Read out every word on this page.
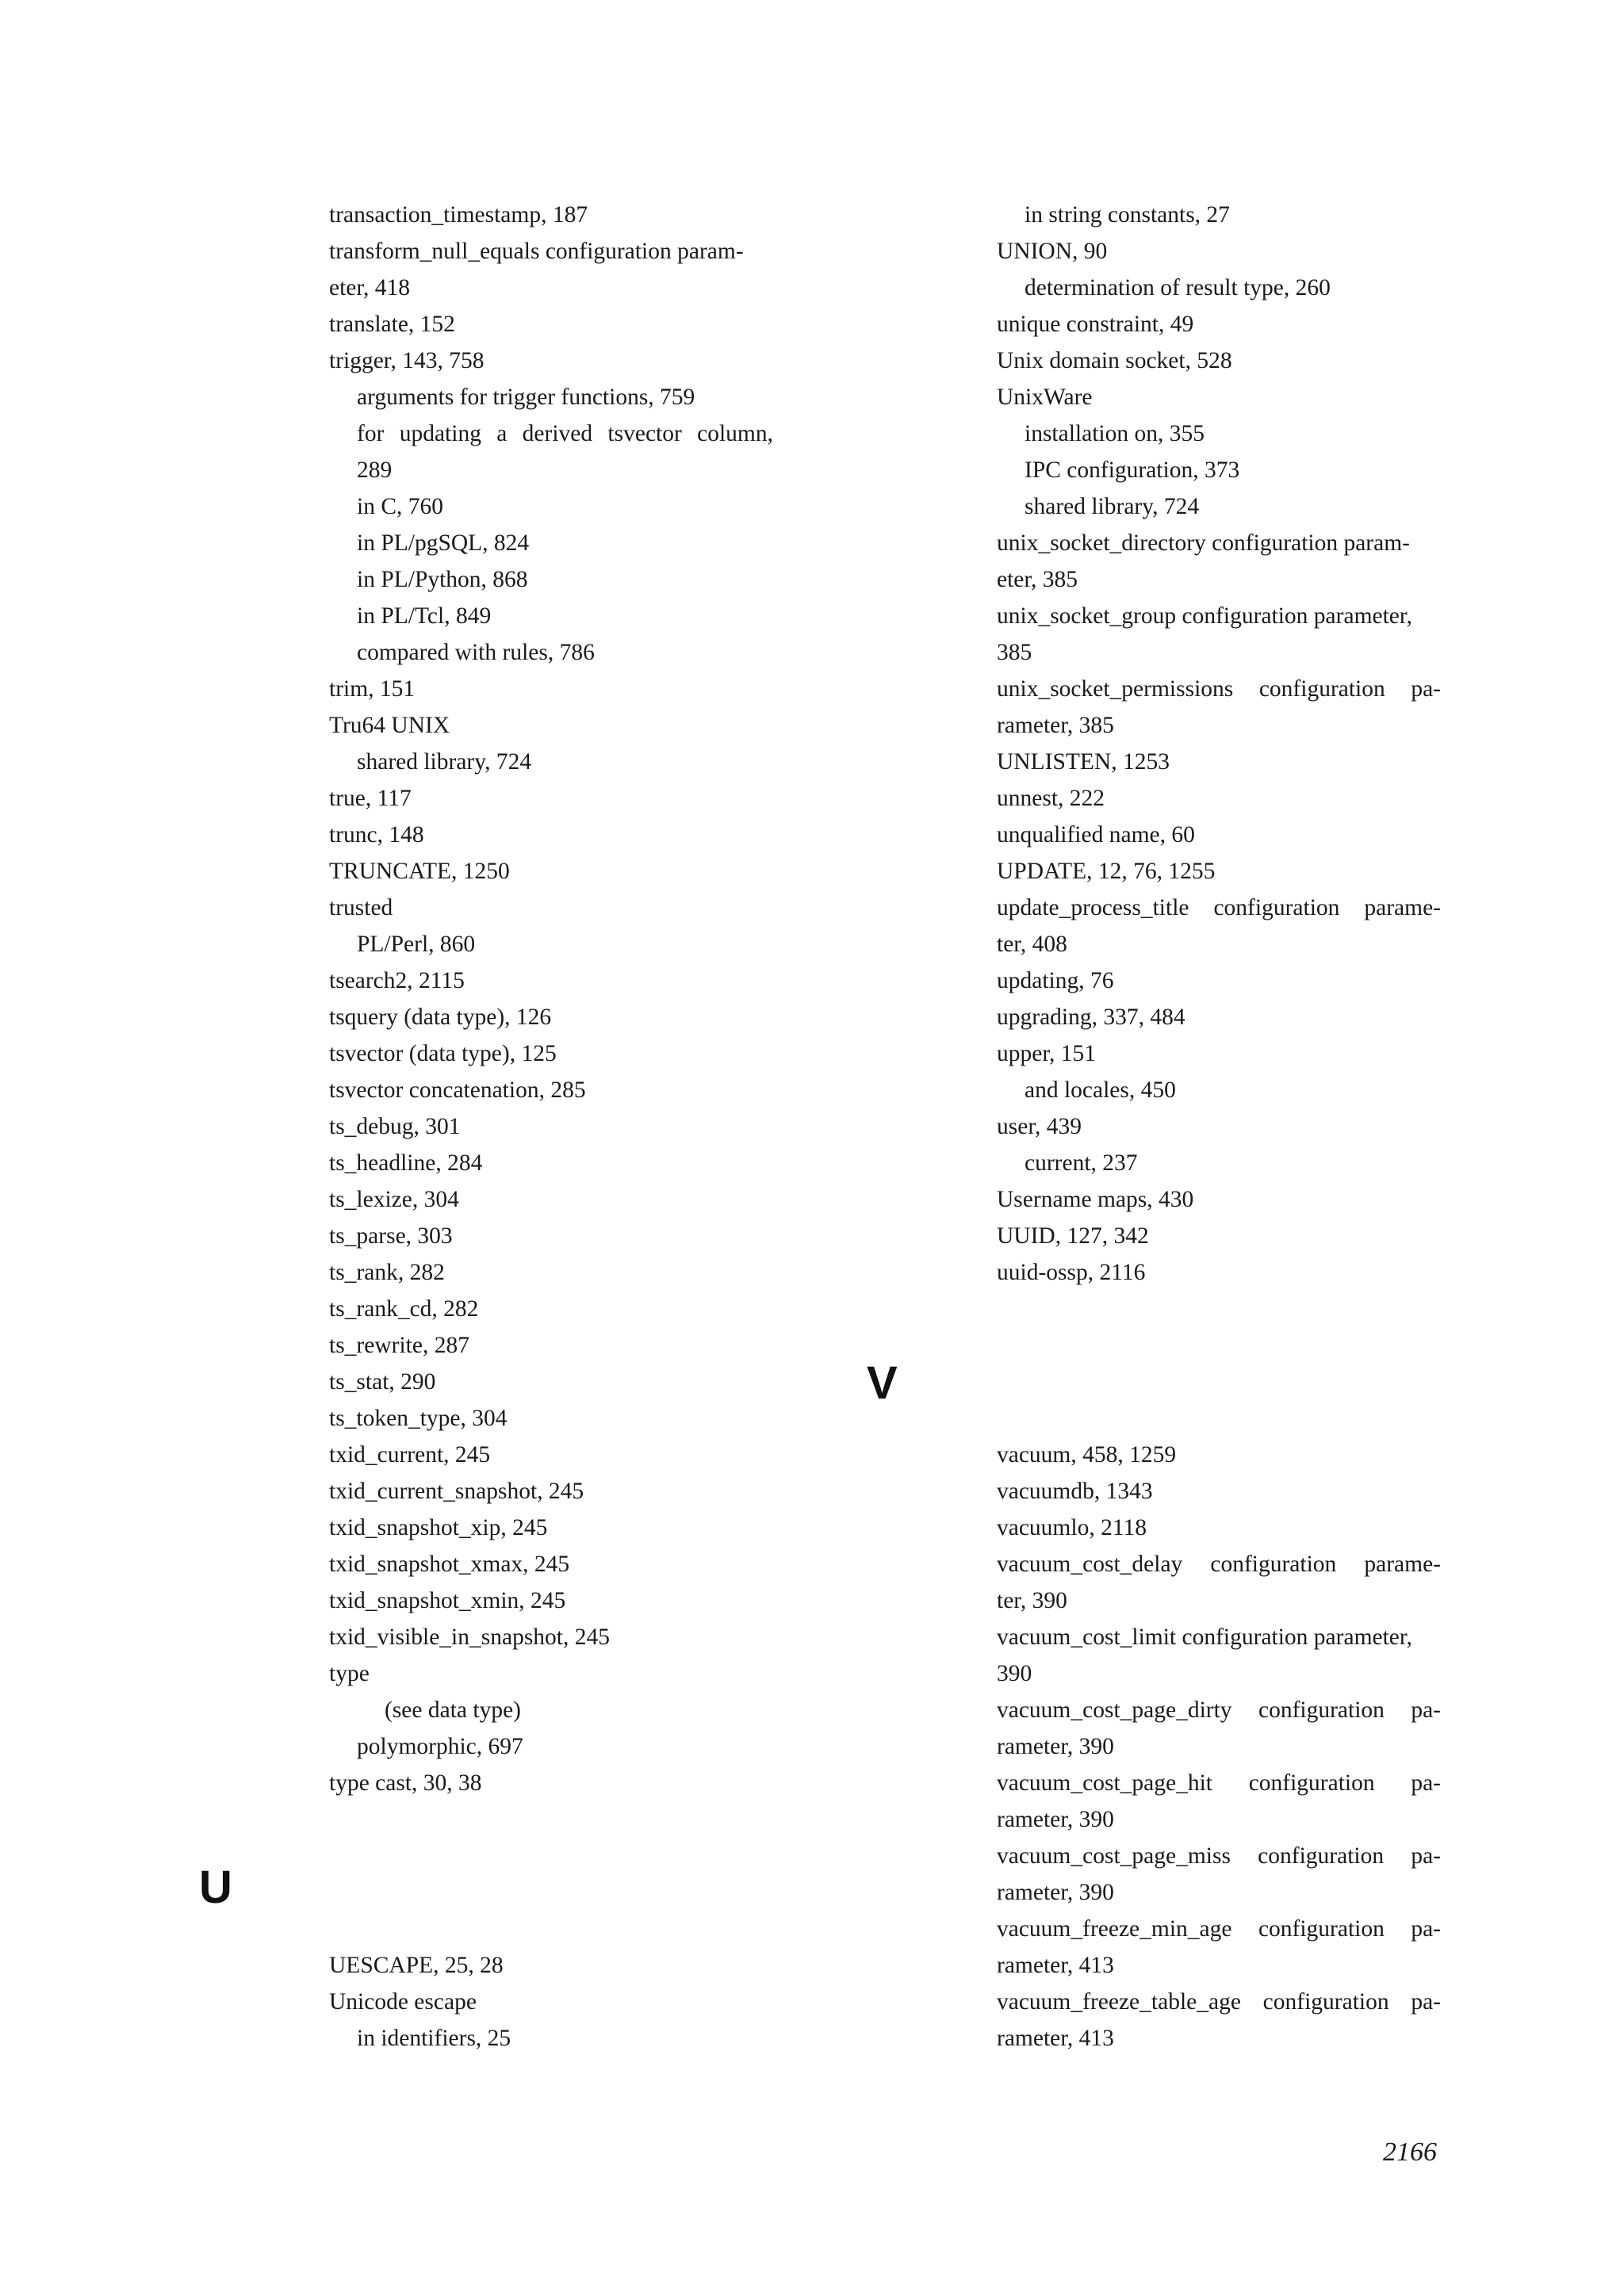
transaction_timestamp, 187
transform_null_equals configuration param-
eter, 418
translate, 152
trigger, 143, 758
arguments for trigger functions, 759
for updating a derived tsvector column,
289
in C, 760
in PL/pgSQL, 824
in PL/Python, 868
in PL/Tcl, 849
compared with rules, 786
trim, 151
Tru64 UNIX
shared library, 724
true, 117
trunc, 148
TRUNCATE, 1250
trusted
PL/Perl, 860
tsearch2, 2115
tsquery (data type), 126
tsvector (data type), 125
tsvector concatenation, 285
ts_debug, 301
ts_headline, 284
ts_lexize, 304
ts_parse, 303
ts_rank, 282
ts_rank_cd, 282
ts_rewrite, 287
ts_stat, 290
ts_token_type, 304
txid_current, 245
txid_current_snapshot, 245
txid_snapshot_xip, 245
txid_snapshot_xmax, 245
txid_snapshot_xmin, 245
txid_visible_in_snapshot, 245
type
(see data type)
polymorphic, 697
type cast, 30, 38
UESCAPE, 25, 28
Unicode escape
in identifiers, 25
in string constants, 27
UNION, 90
determination of result type, 260
unique constraint, 49
Unix domain socket, 528
UnixWare
installation on, 355
IPC configuration, 373
shared library, 724
unix_socket_directory configuration param-
eter, 385
unix_socket_group configuration parameter,
385
unix_socket_permissions configuration pa-
rameter, 385
UNLISTEN, 1253
unnest, 222
unqualified name, 60
UPDATE, 12, 76, 1255
update_process_title configuration parame-
ter, 408
updating, 76
upgrading, 337, 484
upper, 151
and locales, 450
user, 439
current, 237
Username maps, 430
UUID, 127, 342
uuid-ossp, 2116
vacuum, 458, 1259
vacuumdb, 1343
vacuumlo, 2118
vacuum_cost_delay configuration parame-
ter, 390
vacuum_cost_limit configuration parameter,
390
vacuum_cost_page_dirty configuration pa-
rameter, 390
vacuum_cost_page_hit configuration pa-
rameter, 390
vacuum_cost_page_miss configuration pa-
rameter, 390
vacuum_freeze_min_age configuration pa-
rameter, 413
vacuum_freeze_table_age configuration pa-
rameter, 413
U
V
2166
